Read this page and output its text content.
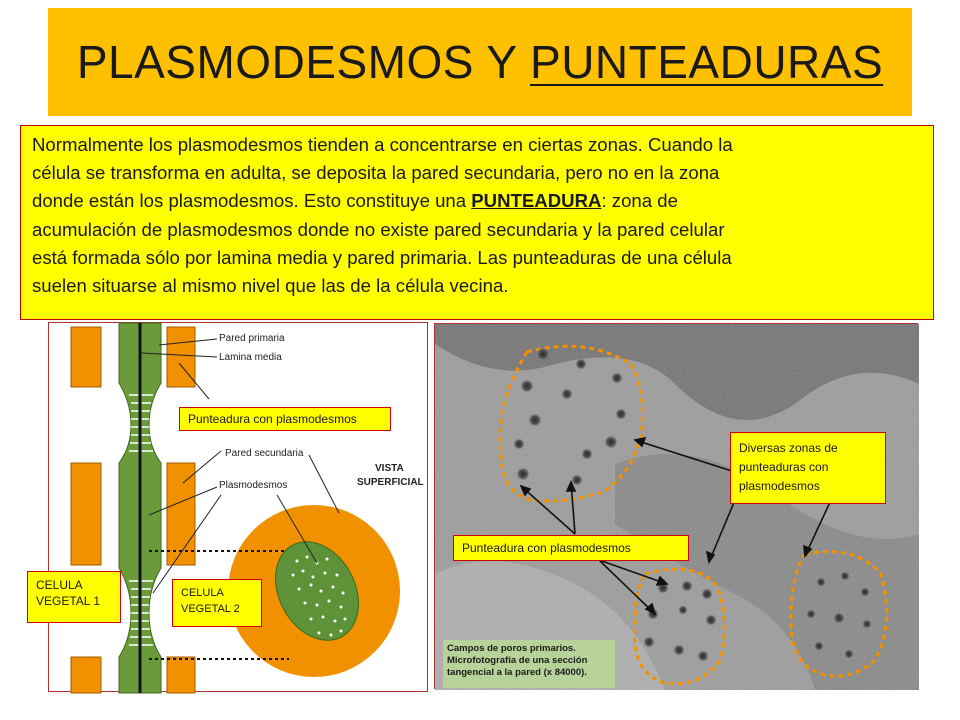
PLASMODESMOS Y PUNTEADURAS
Normalmente los plasmodesmos tienden a concentrarse en ciertas zonas. Cuando la
célula se transforma en adulta, se deposita la pared secundaria, pero no en la zona
donde están los plasmodesmos. Esto constituye una PUNTEADURA: zona de
acumulación de plasmodesmos donde no existe pared secundaria y la pared celular
está formada sólo por lamina media y pared primaria. Las punteaduras de una célula
suelen situarse al mismo nivel que las de la célula vecina.
Pared primaria
Lamina media
Pared secundaria
Plasmodesmos
VISTA
SUPERFICIAL
Punteadura con plasmodesmos
CELULA
VEGETAL 1
CELULA
VEGETAL 2
Diversas zonas de
punteaduras con
plasmodesmos
Punteadura con plasmodesmos
Campos de poros primarios.
Microfotografía de una sección
tangencial a la pared (x 84000).
